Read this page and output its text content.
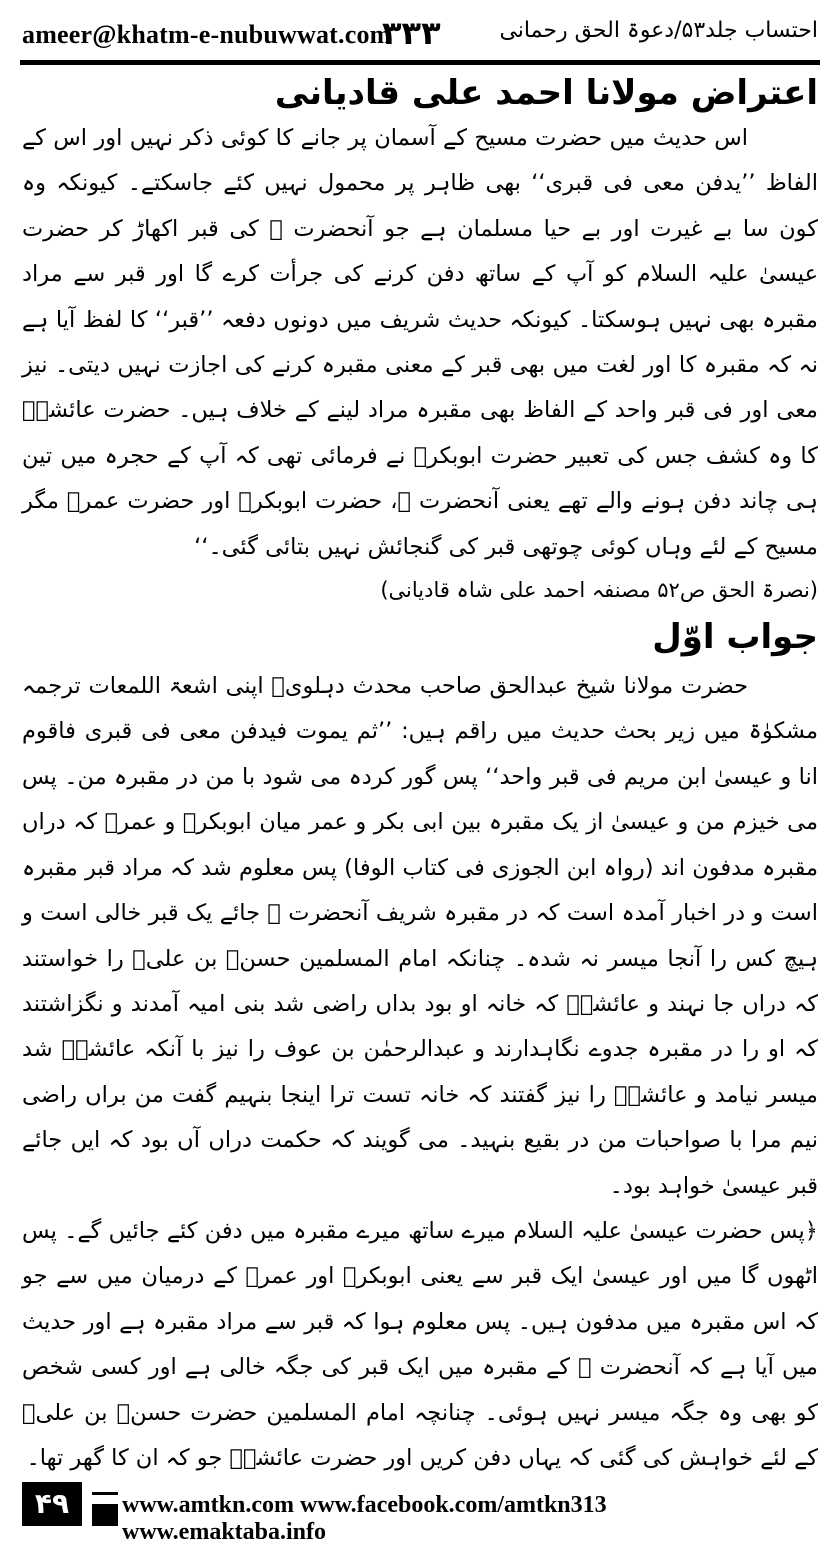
ameer@khatm-e-nubuwwat.com
۳۳۳	احتساب جلد۵۳/دعوۃ الحق رحمانی
اعتراض مولانا احمد علی قادیانی

اس حدیث میں حضرت مسیح کے آسمان پر جانے کا کوئی ذکر نہیں اور اس کے الفاظ ’’یدفن معی فی قبری‘‘ بھی ظاہر پر محمول نہیں کئے جاسکتے۔ کیونکہ وہ کون سا بے غیرت اور بے حیا مسلمان ہے جو آنحضرت ﷺ کی قبر اکھاڑ کر حضرت عیسیٰ علیہ السلام کو آپ کے ساتھ دفن کرنے کی جرأت کرے گا اور قبر سے مراد مقبرہ بھی نہیں ہوسکتا۔ کیونکہ حدیث شریف میں دونوں دفعہ ’’قبر‘‘ کا لفظ آیا ہے نہ کہ مقبرہ کا اور لغت میں بھی قبر کے معنی مقبرہ کرنے کی اجازت نہیں دیتی۔ نیز معی اور فی قبر واحد کے الفاظ بھی مقبرہ مراد لینے کے خلاف ہیں۔ حضرت عائشہؓ کا وہ کشف جس کی تعبیر حضرت ابوبکرؓ نے فرمائی تھی کہ آپ کے حجرہ میں تین ہی چاند دفن ہونے والے تھے یعنی آنحضرت ﷺ، حضرت ابوبکرؓ اور حضرت عمرؓ مگر مسیح کے لئے وہاں کوئی چوتھی قبر کی گنجائش نہیں بتائی گئی۔‘‘

(نصرۃ الحق ص۵۲ مصنفہ احمد علی شاہ قادیانی)

جواب اوّل

حضرت مولانا شیخ عبدالحق صاحب محدث دہلویؒ اپنی اشعۃ اللمعات ترجمہ مشکوٰۃ میں زیر بحث حدیث میں راقم ہیں: ’’ثم یموت فیدفن معی فی قبری فاقوم انا و عیسیٰ ابن مریم فی قبر واحد‘‘ پس گور کردہ می شود با من در مقبرہ من۔ پس می خیزم من و عیسیٰ از یک مقبرہ بین ابی بکر و عمر میان ابوبکرؓ و عمرؓ کہ دراں مقبرہ مدفون اند (رواہ ابن الجوزی فی کتاب الوفا) پس معلوم شد کہ مراد قبر مقبرہ است و در اخبار آمدہ است کہ در مقبرہ شریف آنحضرت ﷺ جائے یک قبر خالی است و ہیچ کس را آنجا میسر نہ شدہ۔ چنانکہ امام المسلمین حسنؓ بن علیؓ را خواستند کہ دراں جا نہند و عائشہؓ کہ خانہ او بود بداں راضی شد بنی امیہ آمدند و نگزاشتند کہ او را در مقبرہ جدوے نگاہدارند و عبدالرحمٰن بن عوف را نیز با آنکہ عائشہؓ شد میسر نیامد و عائشہؓ را نیز گفتند کہ خانہ تست ترا اینجا بنہیم گفت من براں راضی نیم مرا با صواحبات من در بقیع بنہید۔ می گویند کہ حکمت دراں آں بود کہ ایں جائے قبر عیسیٰ خواہد بود۔

﴿پس حضرت عیسیٰ علیہ السلام میرے ساتھ میرے مقبرہ میں دفن کئے جائیں گے۔ پس اٹھوں گا میں اور عیسیٰ ایک قبر سے یعنی ابوبکرؓ اور عمرؓ کے درمیان میں سے جو کہ اس مقبرہ میں مدفون ہیں۔ پس معلوم ہوا کہ قبر سے مراد مقبرہ ہے اور حدیث میں آیا ہے کہ آنحضرت ﷺ کے مقبرہ میں ایک قبر کی جگہ خالی ہے اور کسی شخص کو بھی وہ جگہ میسر نہیں ہوئی۔ چنانچہ امام المسلمین حضرت حسنؓ بن علیؓ کے لئے خواہش کی گئی کہ یہاں دفن کریں اور حضرت عائشہؓ جو کہ ان کا گھر تھا۔

۴۹	www.amtkn.com www.facebook.com/amtkn313 www.emaktaba.info
